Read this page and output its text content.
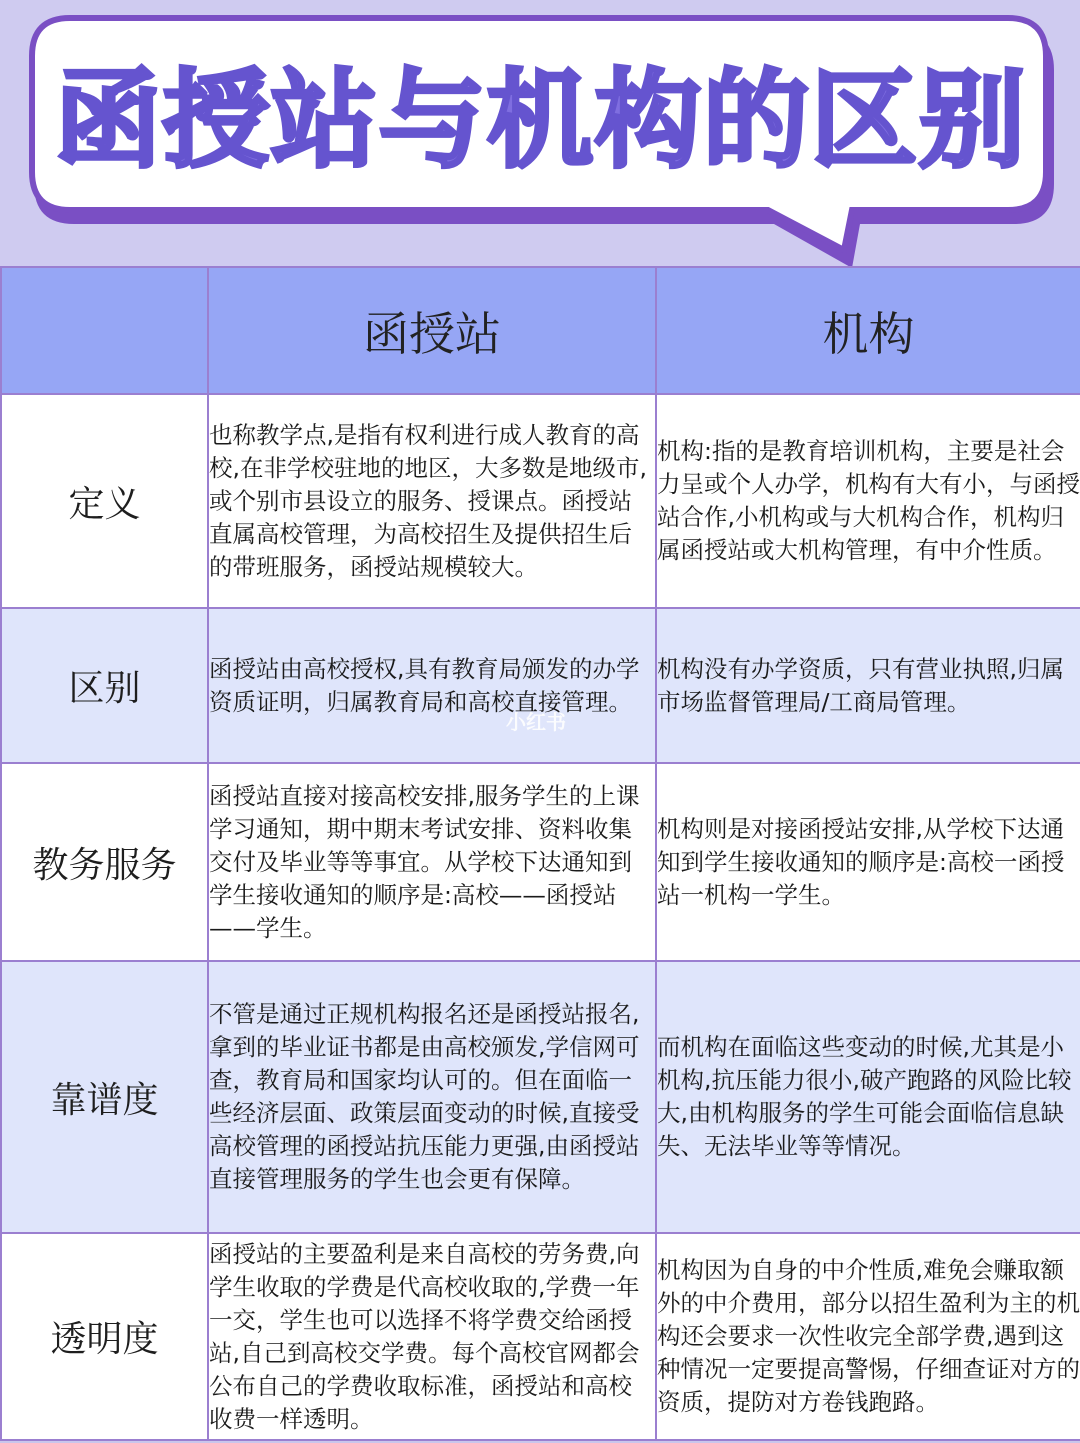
函授站与机构的区别
	函授站	机构
定义	也称教学点,是指有权利进行成人教育的高校,在非学校驻地的地区，大多数是地级市,或个别市县设立的服务、授课点。函授站直属高校管理，为高校招生及提供招生后的带班服务，函授站规模较大。	机构:指的是教育培训机构，主要是社会力呈或个人办学，机构有大有小，与函授站合作,小机构或与大机构合作，机构归属函授站或大机构管理，有中介性质。
区别	函授站由高校授权,具有教育局颁发的办学资质证明，归属教育局和高校直接管理。	机构没有办学资质，只有营业执照,归属市场监督管理局/工商局管理。
教务服务	函授站直接对接高校安排,服务学生的上课学习通知，期中期末考试安排、资料收集交付及毕业等等事宜。从学校下达通知到学生接收通知的顺序是:高校——函授站——学生。	机构则是对接函授站安排,从学校下达通知到学生接收通知的顺序是:高校一函授站一机构一学生。
靠谱度	不管是通过正规机构报名还是函授站报名,拿到的毕业证书都是由高校颁发,学信网可查，教育局和国家均认可的。但在面临一些经济层面、政策层面变动的时候,直接受高校管理的函授站抗压能力更强,由函授站直接管理服务的学生也会更有保障。	而机构在面临这些变动的时候,尤其是小机构,抗压能力很小,破产跑路的风险比较大,由机构服务的学生可能会面临信息缺失、无法毕业等等情况。
透明度	函授站的主要盈利是来自高校的劳务费,向学生收取的学费是代高校收取的,学费一年一交，学生也可以选择不将学费交给函授站,自己到高校交学费。每个高校官网都会公布自己的学费收取标准，函授站和高校收费一样透明。	机构因为自身的中介性质,难免会赚取额外的中介费用，部分以招生盈利为主的机构还会要求一次性收完全部学费,遇到这种情况一定要提高警惕，仔细查证对方的资质，提防对方卷钱跑路。
小红书
